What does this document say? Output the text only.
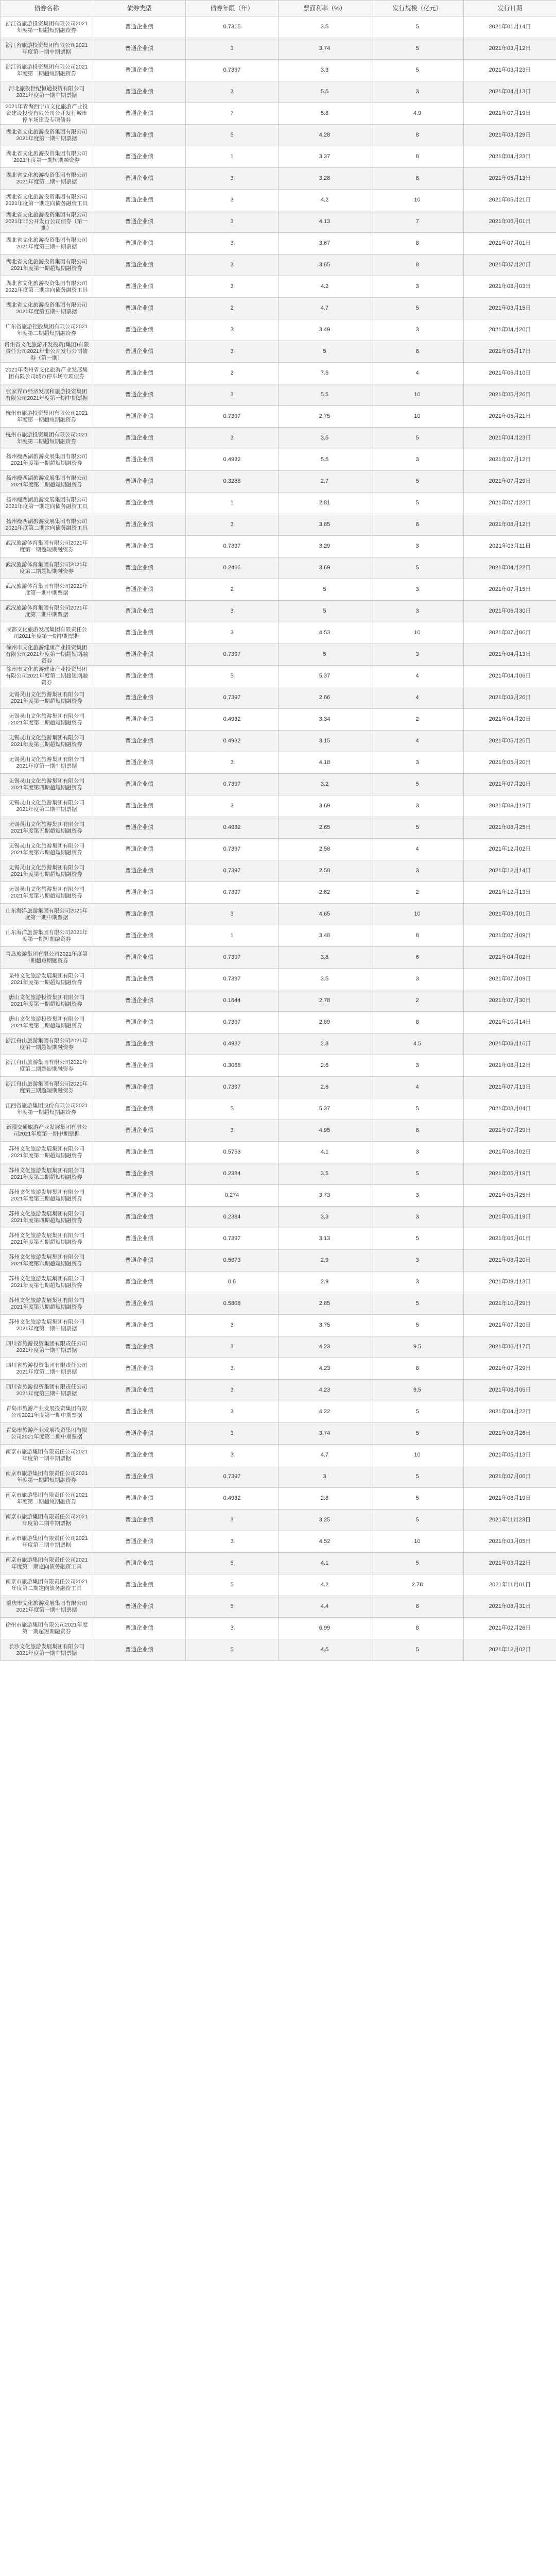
债券名称	债券类型	债券年限（年）	票面利率（%）	发行规模（亿元）	发行日期
浙江省旅游投资集团有限公司2021年度第一期超短期融资券	普通企业债	0.7315	3.5	5	2021年01月14日
浙江省旅游投资集团有限公司2021年度第一期中期票据	普通企业债	3	3.74	5	2021年03月12日
浙江省旅游投资集团有限公司2021年度第二期超短期融资券	普通企业债	0.7397	3.3	5	2021年03月23日
河北旅投世纪恒通投资有限公司2021年度第一期中期票据	普通企业债	3	5.5	3	2021年04月13日
2021年青海西宁市文化旅游产业投资建设投资有限公司公开发行城市停车场建设专项债券	普通企业债	7	5.8	4.9	2021年07月19日
湖北省文化旅游投资集团有限公司2021年度第一期中期票据	普通企业债	5	4.28	8	2021年03月29日
湖北省文化旅游投资集团有限公司2021年度第一期短期融资券	普通企业债	1	3.37	8	2021年04月23日
湖北省文化旅游投资集团有限公司2021年度第二期中期票据	普通企业债	3	3.28	8	2021年05月13日
湖北省文化旅游投资集团有限公司2021年度第一期定向债务融资工具	普通企业债	3	4.2	10	2021年05月21日
湖北省文化旅游投资集团有限公司2021年非公开发行公司债券（第一期）	普通企业债	3	4.13	7	2021年06月01日
湖北省文化旅游投资集团有限公司2021年度第三期中期票据	普通企业债	3	3.67	8	2021年07月01日
湖北省文化旅游投资集团有限公司2021年度第一期超短期融资券	普通企业债	3	3.65	8	2021年07月20日
湖北省文化旅游投资集团有限公司2021年度第三期定向债务融资工具	普通企业债	3	4.2	3	2021年08月03日
湖北省文化旅游投资集团有限公司2021年度第五期中期票据	普通企业债	2	4.7	5	2021年03月15日
广东省旅游控股集团有限公司2021年度第二期超短期融资券	普通企业债	3	3.49	3	2021年04月20日
贵州省文化旅游开发投资(集团)有限责任公司2021年非公开发行公司债券（第一期）	普通企业债	3	5	8	2021年05月17日
2021年贵州省文化旅游产业发展集团有限公司城市停车场专项债券	普通企业债	2	7.5	4	2021年05月10日
张家界市经济发展和旅游投资集团有限公司2021年度第一期中期票据	普通企业债	3	5.5	10	2021年05月26日
杭州市旅游投资集团有限公司2021年度第一期超短期融资券	普通企业债	0.7397	2.75	10	2021年05月21日
杭州市旅游投资集团有限公司2021年度第二期超短期融资券	普通企业债	3	3.5	5	2021年04月23日
扬州瘦西湖旅游发展集团有限公司2021年度第一期超短期融资券	普通企业债	0.4932	5.5	3	2021年07月12日
扬州瘦西湖旅游发展集团有限公司2021年度第二期超短期融资券	普通企业债	0.3288	2.7	5	2021年07月29日
扬州瘦西湖旅游发展集团有限公司2021年度第一期定向债务融资工具	普通企业债	1	2.81	5	2021年07月23日
扬州瘦西湖旅游发展集团有限公司2021年度第二期定向债务融资工具	普通企业债	3	3.85	8	2021年08月12日
武汉旅游体育集团有限公司2021年度第一期超短期融资券	普通企业债	0.7397	3.29	3	2021年03月11日
武汉旅游体育集团有限公司2021年度第二期超短期融资券	普通企业债	0.2466	3.69	5	2021年04月22日
武汉旅游体育集团有限公司2021年度第一期中期票据	普通企业债	2	5	3	2021年07月15日
武汉旅游体育集团有限公司2021年度第二期中期票据	普通企业债	3	5	3	2021年06月30日
成都文化旅游发展集团有限责任公司2021年度第一期中期票据	普通企业债	3	4.53	10	2021年07月06日
徐州市文化旅游健康产业投资集团有限公司2021年度第一期超短期融资券	普通企业债	0.7397	5	3	2021年04月13日
徐州市文化旅游健康产业投资集团有限公司2021年度第二期超短期融资券	普通企业债	5	5.37	4	2021年04月06日
无锡灵山文化旅游集团有限公司2021年度第一期超短期融资券	普通企业债	0.7397	2.86	4	2021年03月26日
无锡灵山文化旅游集团有限公司2021年度第二期超短期融资券	普通企业债	0.4932	3.34	2	2021年04月20日
无锡灵山文化旅游集团有限公司2021年度第三期超短期融资券	普通企业债	0.4932	3.15	4	2021年05月25日
无锡灵山文化旅游集团有限公司2021年度第一期中期票据	普通企业债	3	4.18	3	2021年05月20日
无锡灵山文化旅游集团有限公司2021年度第四期超短期融资券	普通企业债	0.7397	3.2	5	2021年07月20日
无锡灵山文化旅游集团有限公司2021年度第二期中期票据	普通企业债	3	3.69	3	2021年08月19日
无锡灵山文化旅游集团有限公司2021年度第五期超短期融资券	普通企业债	0.4932	2.65	5	2021年08月25日
无锡灵山文化旅游集团有限公司2021年度第六期超短期融资券	普通企业债	0.7397	2.58	4	2021年12月02日
无锡灵山文化旅游集团有限公司2021年度第七期超短期融资券	普通企业债	0.7397	2.58	3	2021年12月14日
无锡灵山文化旅游集团有限公司2021年度第八期超短期融资券	普通企业债	0.7397	2.62	2	2021年12月13日
山东海洋旅游集团有限公司2021年度第一期中期票据	普通企业债	3	4.65	10	2021年03月01日
山东海洋旅游集团有限公司2021年度第一期短期融资券	普通企业债	1	3.48	8	2021年07月09日
青岛旅游集团有限公司2021年度第一期超短期融资券	普通企业债	0.7397	3.8	6	2021年04月02日
泉州文化旅游发展集团有限公司2021年度第一期超短期融资券	普通企业债	0.7397	3.5	3	2021年07月09日
唐山文化旅游投资集团有限公司2021年度第一期超短期融资券	普通企业债	0.1644	2.78	2	2021年07月30日
唐山文化旅游投资集团有限公司2021年度第二期超短期融资券	普通企业债	0.7397	2.89	8	2021年10月14日
浙江舟山旅游集团有限公司2021年度第一期超短期融资券	普通企业债	0.4932	2.8	4.5	2021年03月16日
浙江舟山旅游集团有限公司2021年度第二期超短期融资券	普通企业债	0.3068	2.6	3	2021年08月12日
浙江舟山旅游集团有限公司2021年度第三期超短期融资券	普通企业债	0.7397	2.6	4	2021年07月13日
江西省旅游集团股份有限公司2021年度第一期超短期融资券	普通企业债	5	5.37	5	2021年08月04日
新疆交通旅游产业发展集团有限公司2021年度第一期中期票据	普通企业债	3	4.95	8	2021年07月29日
苏州文化旅游发展集团有限公司2021年度第一期超短期融资券	普通企业债	0.5753	4.1	3	2021年08月02日
苏州文化旅游发展集团有限公司2021年度第二期超短期融资券	普通企业债	0.2384	3.5	5	2021年05月19日
苏州文化旅游发展集团有限公司2021年度第三期超短期融资券	普通企业债	0.274	3.73	3	2021年05月25日
苏州文化旅游发展集团有限公司2021年度第四期超短期融资券	普通企业债	0.2384	3.3	3	2021年05月19日
苏州文化旅游发展集团有限公司2021年度第五期超短期融资券	普通企业债	0.7397	3.13	5	2021年06月01日
苏州文化旅游发展集团有限公司2021年度第六期超短期融资券	普通企业债	0.5973	2.9	3	2021年08月20日
苏州文化旅游发展集团有限公司2021年度第七期超短期融资券	普通企业债	0.6	2.9	3	2021年09月13日
苏州文化旅游发展集团有限公司2021年度第八期超短期融资券	普通企业债	0.5808	2.85	5	2021年10月29日
苏州文化旅游发展集团有限公司2021年度第一期中期票据	普通企业债	3	3.75	5	2021年07月20日
四川省旅游投资集团有限责任公司2021年度第一期中期票据	普通企业债	3	4.23	9.5	2021年06月17日
四川省旅游投资集团有限责任公司2021年度第二期中期票据	普通企业债	3	4.23	8	2021年07月29日
四川省旅游投资集团有限责任公司2021年度第三期中期票据	普通企业债	3	4.23	9.5	2021年08月05日
青岛市旅游产业发展投资集团有限公司2021年度第一期中期票据	普通企业债	3	4.22	5	2021年04月22日
青岛市旅游产业发展投资集团有限公司2021年度第二期中期票据	普通企业债	3	3.74	5	2021年08月26日
南京市旅游集团有限责任公司2021年度第一期中期票据	普通企业债	3	4.7	10	2021年05月13日
南京市旅游集团有限责任公司2021年度第一期超短期融资券	普通企业债	0.7397	3	5	2021年07月06日
南京市旅游集团有限责任公司2021年度第二期超短期融资券	普通企业债	0.4932	2.8	5	2021年08月19日
南京市旅游集团有限责任公司2021年度第二期中期票据	普通企业债	3	3.25	5	2021年11月23日
南京市旅游集团有限责任公司2021年度第三期中期票据	普通企业债	3	4.52	10	2021年03月05日
南京市旅游集团有限责任公司2021年度第一期定向债务融资工具	普通企业债	5	4.1	5	2021年03月22日
南京市旅游集团有限责任公司2021年度第二期定向债务融资工具	普通企业债	5	4.2	2.78	2021年11月01日
重庆市文化旅游发展集团有限公司2021年度第一期中期票据	普通企业债	5	4.4	8	2021年08月31日
徐州市旅游集团有限公司2021年度第一期超短期融资券	普通企业债	3	6.99	8	2021年02月26日
长沙文化旅游发展集团有限公司2021年度第一期中期票据	普通企业债	5	4.5	5	2021年12月02日
